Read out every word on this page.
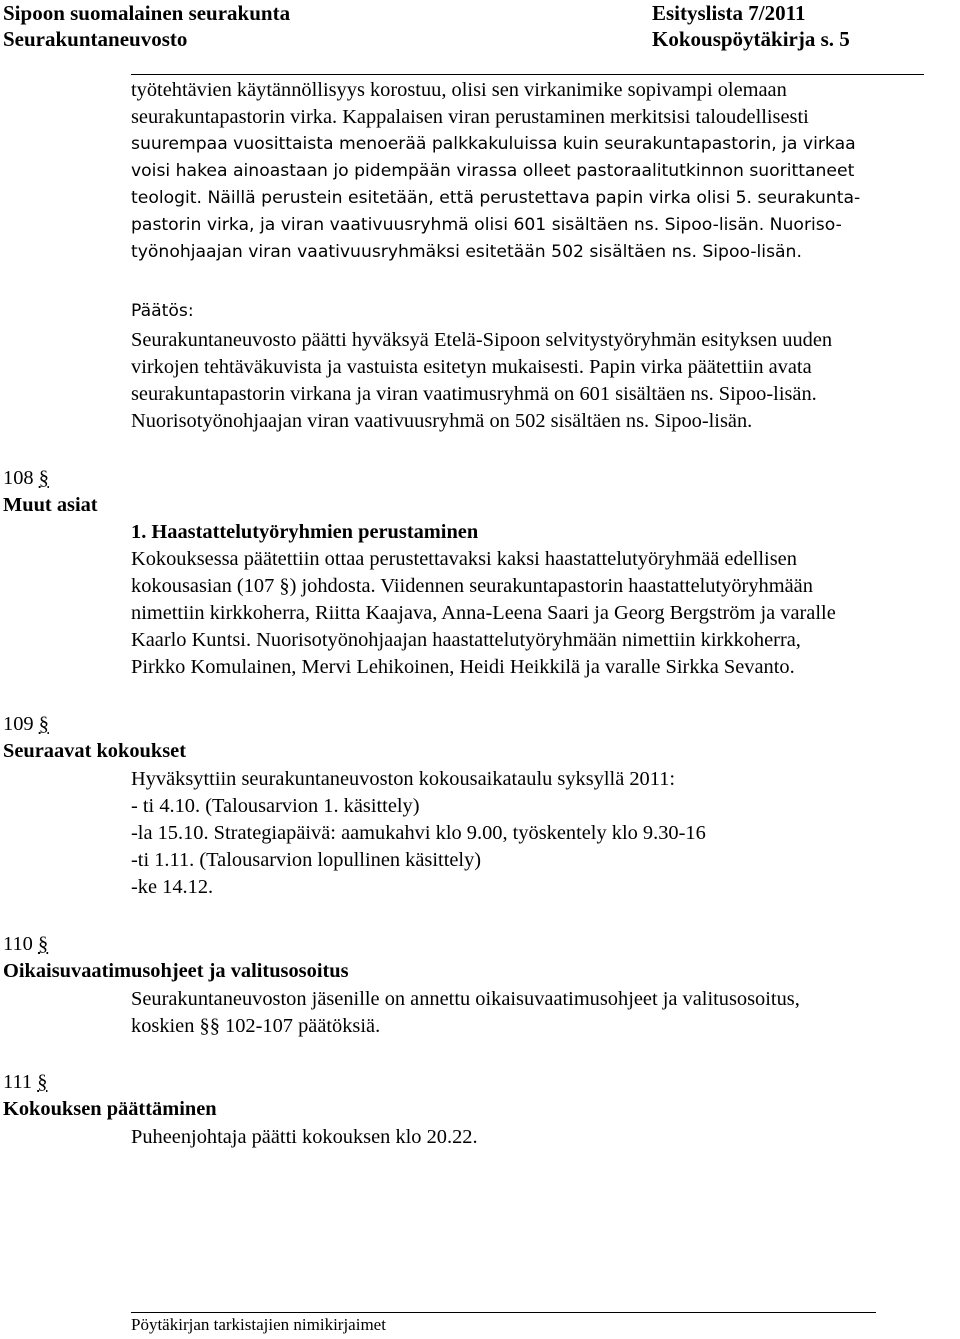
Sipoon suomalainen seurakunta
Seurakuntaneuvosto
Esityslista 7/2011
Kokouspöytäkirja s. 5
työtehtävien käytännöllisyys korostuu, olisi sen virkanimike sopivampi olemaan
seurakuntapastorin virka. Kappalaisen viran perustaminen merkitsisi taloudellisesti
suurempaa vuosittaista menoerää palkkakuluissa kuin seurakuntapastorin, ja virkaa
voisi hakea ainoastaan jo pidempään virassa olleet pastoraalitutkinnon suorittaneet
teologit. Näillä perustein esitetään, että perustettava papin virka olisi 5. seurakunta-
pastorin virka, ja viran vaativuusryhmä olisi 601 sisältäen ns. Sipoo-lisän. Nuoriso-
työnohjaajan viran vaativuusryhmäksi esitetään 502 sisältäen ns. Sipoo-lisän.
Päätös:
Seurakuntaneuvosto päätti hyväksyä Etelä-Sipoon selvitystyöryhmän esityksen uuden
virkojen tehtäväkuvista ja vastuista esitetyn mukaisesti. Papin virka päätettiin avata
seurakuntapastorin virkana ja viran vaatimusryhmä on 601 sisältäen ns. Sipoo-lisän.
Nuorisotyönohjaajan viran vaativuusryhmä on 502 sisältäen ns. Sipoo-lisän.
108 §
Muut asiat
1. Haastattelutyöryhmien perustaminen
Kokouksessa päätettiin ottaa perustettavaksi kaksi haastattelutyöryhmää edellisen
kokousasian (107 §) johdosta. Viidennen seurakuntapastorin haastattelutyöryhmään
nimettiin kirkkoherra, Riitta Kaajava, Anna-Leena Saari ja Georg Bergström ja varalle
Kaarlo Kuntsi. Nuorisotyönohjaajan haastattelutyöryhmään nimettiin kirkkoherra,
Pirkko Komulainen, Mervi Lehikoinen, Heidi Heikkilä ja varalle Sirkka Sevanto.
109 §
Seuraavat kokoukset
Hyväksyttiin seurakuntaneuvoston kokousaikataulu syksyllä 2011:
- ti 4.10. (Talousarvion 1. käsittely)
-la 15.10. Strategiapäivä: aamukahvi klo 9.00, työskentely klo 9.30-16
-ti 1.11. (Talousarvion lopullinen käsittely)
-ke 14.12.
110 §
Oikaisuvaatimusohjeet ja valitusosoitus
Seurakuntaneuvoston jäsenille on annettu oikaisuvaatimusohjeet ja valitusosoitus,
koskien §§ 102-107 päätöksiä.
111 §
Kokouksen päättäminen
Puheenjohtaja päätti kokouksen klo 20.22.
Pöytäkirjan tarkistajien nimikirjaimet
